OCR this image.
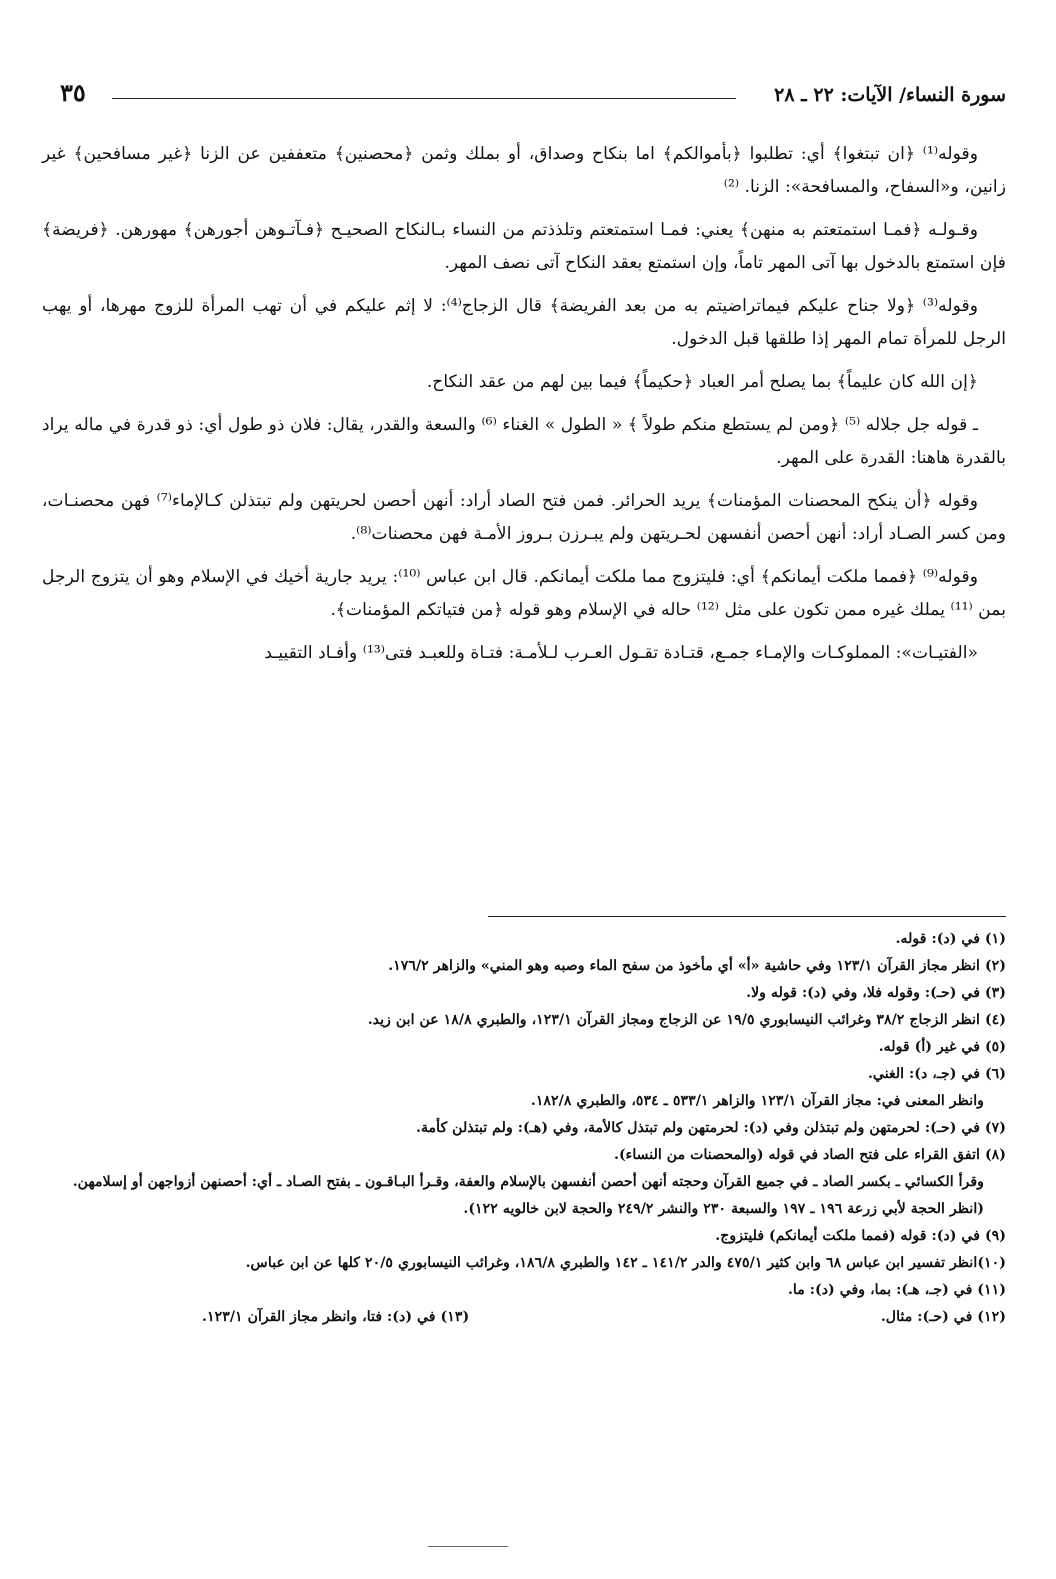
سورة النساء/ الآيات: ٢٢ ـ ٢٨
٣٥

وقوله⁽¹⁾ ﴿ان تبتغوا﴾ أي: تطلبوا ﴿بأموالكم﴾ اما بنكاح وصداق، أو بملك وثمن ﴿محصنين﴾ متعففين عن الزنا ﴿غير مسافحين﴾ غير زانين، و«السفاح، والمسافحة»: الزنا. ⁽²⁾

وقـولـه ﴿فمـا استمتعتم به منهن﴾ يعني: فمـا استمتعتم وتلذذتم من النساء بـالنكاح الصحيـح ﴿فـآتـوهن أجورهن﴾ مهورهن. ﴿فريضة﴾ فإن استمتع بالدخول بها آتى المهر تاماً، وإن استمتع بعقد النكاح آتى نصف المهر.

وقوله⁽³⁾ ﴿ولا جناح عليكم فيماتراضيتم به من بعد الفريضة﴾ قال الزجاج⁽⁴⁾: لا إثم عليكم في أن تهب المرأة للزوج مهرها، أو يهب الرجل للمرأة تمام المهر إذا طلقها قبل الدخول.

﴿إن الله كان عليماً﴾ بما يصلح أمر العباد ﴿حكيماً﴾ فيما بين لهم من عقد النكاح.

ـ قوله جل جلاله ⁽⁵⁾ ﴿ومن لم يستطع منكم طولاً ﴾ « الطول » الغناء ⁽⁶⁾ والسعة والقدر، يقال: فلان ذو طول أي: ذو قدرة في ماله يراد بالقدرة هاهنا: القدرة على المهر.

وقوله ﴿أن ينكح المحصنات المؤمنات﴾ يريد الحرائر. فمن فتح الصاد أراد: أنهن أحصن لحريتهن ولم تبتذلن كـالإماء⁽⁷⁾ فهن محصنـات، ومن كسر الصـاد أراد: أنهن أحصن أنفسهن لحـريتهن ولم يبـرزن بـروز الأمـة فهن محصنات⁽⁸⁾.

وقوله⁽⁹⁾ ﴿فمما ملكت أيمانكم﴾ أي: فليتزوج مما ملكت أيمانكم. قال ابن عباس ⁽¹⁰⁾: يريد جارية أخيك في الإسلام وهو أن يتزوج الرجل بمن ⁽¹¹⁾ يملك غيره ممن تكون على مثل ⁽¹²⁾ حاله في الإسلام وهو قوله ﴿من فتياتكم المؤمنات﴾.

«الفتيـات»: المملوكـات والإمـاء جمـع، قتـادة تقـول العـرب لـلأمـة: فتـاة وللعبـد فتى⁽¹³⁾ وأفـاد التقييـد

(١) في (د): قوله.

(٢) انظر مجاز القرآن ١٢٣/١ وفي حاشية «أ» أي مأخوذ من سفح الماء وصبه وهو المني» والزاهر ١٧٦/٢.

(٣) في (حـ): وقوله فلا، وفي (د): قوله ولا.

(٤) انظر الزجاج ٣٨/٢ وغرائب النيسابوري ١٩/٥ عن الزجاج ومجاز القرآن ١٢٣/١، والطبري ١٨/٨ عن ابن زيد.

(٥) في غير (أ) قوله.

(٦) في (جـ، د): الغني.

وانظر المعنى في: مجاز القرآن ١٢٣/١ والزاهر ٥٣٣/١ ـ ٥٣٤، والطبري ١٨٢/٨.

(٧) في (حـ): لحرمتهن ولم تبتذلن وفي (د): لحرمتهن ولم تبتذل كالأمة، وفي (هـ): ولم تبتذلن كأمة.

(٨) اتفق القراء على فتح الصاد في قوله (والمحصنات من النساء).

وقرأ الكسائي ـ بكسر الصاد ـ في جميع القرآن وحجته أنهن أحصن أنفسهن بالإسلام والعفة، وقـرأ البـاقـون ـ بفتح الصـاد ـ أي: أحصنهن أزواجهن أو إسلامهن.

(انظر الحجة لأبي زرعة ١٩٦ ـ ١٩٧ والسبعة ٢٣٠ والنشر ٢٤٩/٢ والحجة لابن خالويه ١٢٢).

(٩) في (د): قوله (فمما ملكت أيمانكم) فليتزوج.

(١٠)انظر تفسير ابن عباس ٦٨ وابن كثير ٤٧٥/١ والدر ١٤١/٢ ـ ١٤٢ والطبري ١٨٦/٨، وغرائب النيسابوري ٢٠/٥ كلها عن ابن عباس.

(١١) في (جـ، هـ): بما، وفي (د): ما.

(١٢) في (حـ): مثال.
(١٣) في (د): فتا، وانظر مجاز القرآن ١٢٣/١.
